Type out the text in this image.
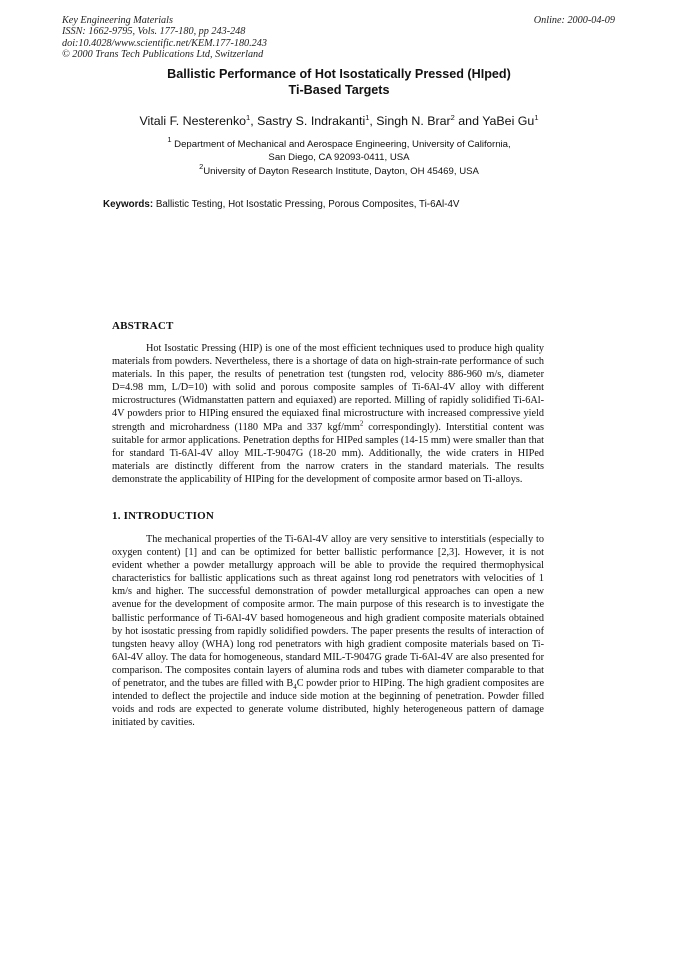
Key Engineering Materials
ISSN: 1662-9795, Vols. 177-180, pp 243-248
doi:10.4028/www.scientific.net/KEM.177-180.243
© 2000 Trans Tech Publications Ltd, Switzerland
Online: 2000-04-09
Ballistic Performance of Hot Isostatically Pressed (HIped)
Ti-Based Targets
Vitali F. Nesterenko$^1$, Sastry S. Indrakanti$^1$, Singh N. Brar$^2$ and YaBei Gu$^1$
$^1$ Department of Mechanical and Aerospace Engineering, University of California,
San Diego, CA 92093-0411, USA
$^2$University of Dayton Research Institute, Dayton, OH 45469, USA
Keywords: Ballistic Testing, Hot Isostatic Pressing, Porous Composites, Ti-6Al-4V
ABSTRACT

Hot Isostatic Pressing (HIP) is one of the most efficient techniques used to produce high quality materials from powders. Nevertheless, there is a shortage of data on high-strain-rate performance of such materials. In this paper, the results of penetration test (tungsten rod, velocity 886-960 m/s, diameter D=4.98 mm, L/D=10) with solid and porous composite samples of Ti-6Al-4V alloy with different microstructures (Widmanstatten pattern and equiaxed) are reported. Milling of rapidly solidified Ti-6Al-4V powders prior to HIPing ensured the equiaxed final microstructure with increased compressive yield strength and microhardness (1180 MPa and 337 kgf/$mm^2$ correspondingly). Interstitial content was suitable for armor applications. Penetration depths for HIPed samples (14-15 mm) were smaller than that for standard Ti-6Al-4V alloy MIL-T-9047G (18-20 mm). Additionally, the wide craters in HIPed materials are distinctly different from the narrow craters in the standard materials. The results demonstrate the applicability of HIPing for the development of composite armor based on Ti-alloys.

1. INTRODUCTION

The mechanical properties of the Ti-6Al-4V alloy are very sensitive to interstitials (especially to oxygen content) [1] and can be optimized for better ballistic performance [2,3]. However, it is not evident whether a powder metallurgy approach will be able to provide the required thermophysical characteristics for ballistic applications such as threat against long rod penetrators with velocities of 1 km/s and higher. The successful demonstration of powder metallurgical approaches can open a new avenue for the development of composite armor. The main purpose of this research is to investigate the ballistic performance of Ti-6Al-4V based homogeneous and high gradient composite materials obtained by hot isostatic pressing from rapidly solidified powders. The paper presents the results of interaction of tungsten heavy alloy (WHA) long rod penetrators with high gradient composite materials based on Ti-6Al-4V alloy. The data for homogeneous, standard MIL-T-9047G grade Ti-6Al-4V are also presented for comparison. The composites contain layers of alumina rods and tubes with diameter comparable to that of penetrator, and the tubes are filled with $B_4C$ powder prior to HIPing. The high gradient composites are intended to deflect the projectile and induce side motion at the beginning of penetration. Powder filled voids and rods are expected to generate volume distributed, highly heterogeneous pattern of damage initiated by cavities.
